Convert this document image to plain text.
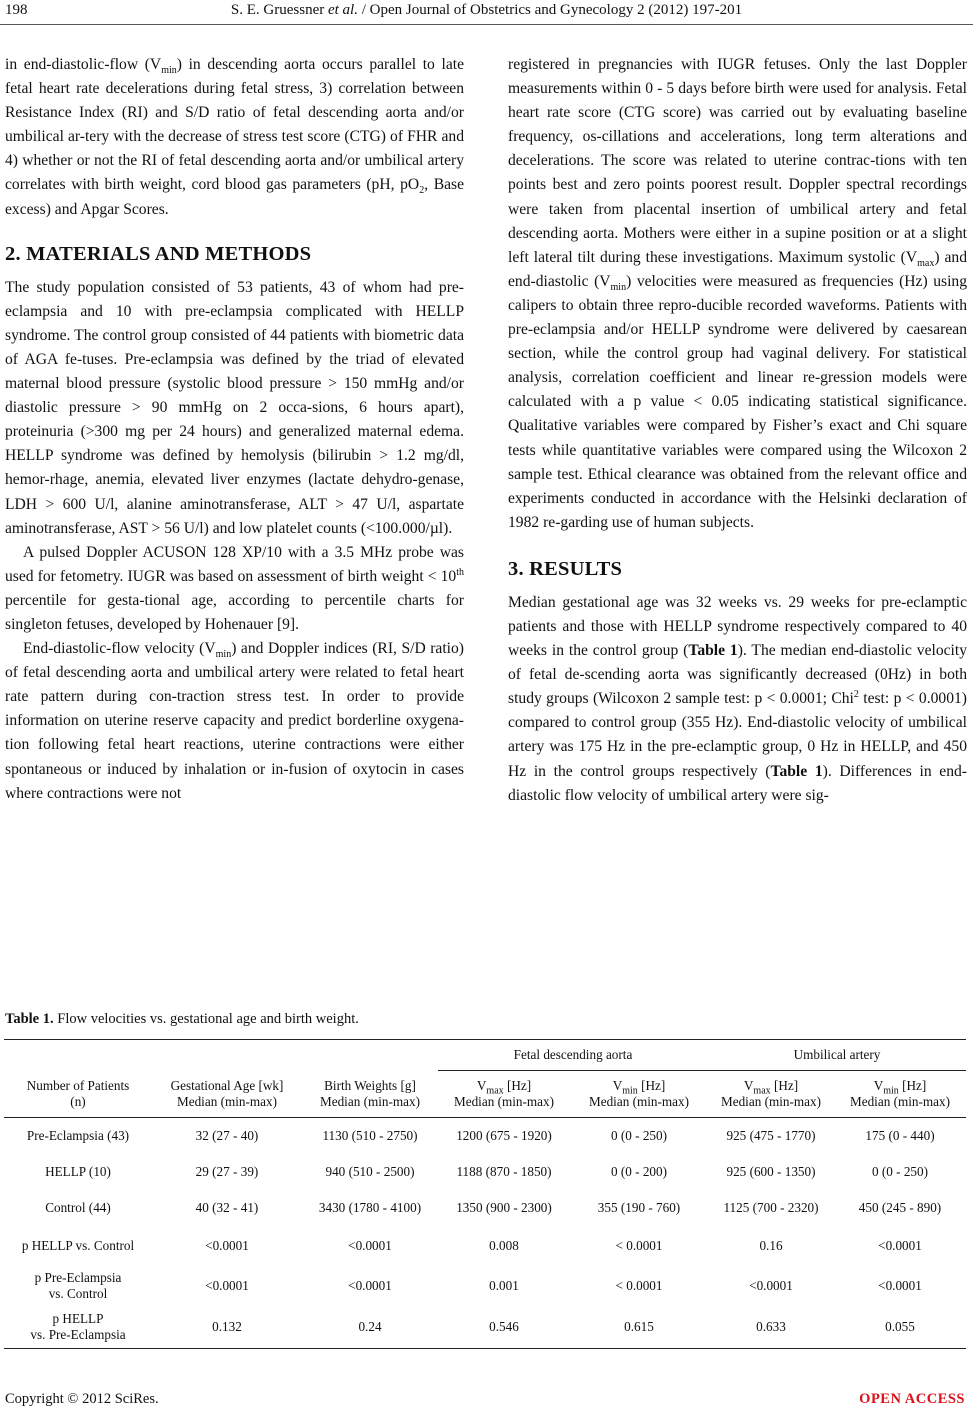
198	S. E. Gruessner et al. / Open Journal of Obstetrics and Gynecology 2 (2012) 197-201

in end-diastolic-flow $(V_{min})$ in descending aorta occurs parallel to late fetal heart rate decelerations during fetal stress, 3) correlation between Resistance Index (RI) and S/D ratio of fetal descending aorta and/or umbilical ar-tery with the decrease of stress test score (CTG) of FHR and 4) whether or not the RI of fetal descending aorta and/or umbilical artery correlates with birth weight, cord blood gas parameters (pH, $pO_2$, Base excess) and Apgar Scores.

2. MATERIALS AND METHODS

The study population consisted of 53 patients, 43 of whom had pre-eclampsia and 10 with pre-eclampsia complicated with HELLP syndrome. The control group consisted of 44 patients with biometric data of AGA fe-tuses. Pre-eclampsia was defined by the triad of elevated maternal blood pressure (systolic blood pressure > 150 mmHg and/or diastolic pressure > 90 mmHg on 2 occa-sions, 6 hours apart), proteinuria (>300 mg per 24 hours) and generalized maternal edema. HELLP syndrome was defined by hemolysis (bilirubin > 1.2 mg/dl, hemor-rhage, anemia, elevated liver enzymes (lactate dehydro-genase, LDH > 600 U/l, alanine aminotransferase, ALT > 47 U/l, aspartate aminotransferase, AST > 56 U/l) and low platelet counts (<100.000/µl).

A pulsed Doppler ACUSON 128 XP/10 with a 3.5 MHz probe was used for fetometry. IUGR was based on assessment of birth weight < 10th percentile for gesta-tional age, according to percentile charts for singleton fetuses, developed by Hohenauer [9].

End-diastolic-flow velocity $(V_{min})$ and Doppler indices (RI, S/D ratio) of fetal descending aorta and umbilical artery were related to fetal heart rate pattern during con-traction stress test. In order to provide information on uterine reserve capacity and predict borderline oxygena-tion following fetal heart reactions, uterine contractions were either spontaneous or induced by inhalation or in-fusion of oxytocin in cases where contractions were not

registered in pregnancies with IUGR fetuses. Only the last Doppler measurements within 0 - 5 days before birth were used for analysis. Fetal heart rate score (CTG score) was carried out by evaluating baseline frequency, os-cillations and accelerations, long term alterations and decelerations. The score was related to uterine contrac-tions with ten points best and zero points poorest result. Doppler spectral recordings were taken from placental insertion of umbilical artery and fetal descending aorta. Mothers were either in a supine position or at a slight left lateral tilt during these investigations. Maximum systolic $(V_{max})$ and end-diastolic $(V_{min})$ velocities were measured as frequencies (Hz) using calipers to obtain three repro-ducible recorded waveforms. Patients with pre-eclampsia and/or HELLP syndrome were delivered by caesarean section, while the control group had vaginal delivery. For statistical analysis, correlation coefficient and linear re-gression models were calculated with a p value < 0.05 indicating statistical significance. Qualitative variables were compared by Fisher’s exact and Chi square tests while quantitative variables were compared using the Wilcoxon 2 sample test. Ethical clearance was obtained from the relevant office and experiments conducted in accordance with the Helsinki declaration of 1982 re-garding use of human subjects.

3. RESULTS

Median gestational age was 32 weeks vs. 29 weeks for pre-eclamptic patients and those with HELLP syndrome respectively compared to 40 weeks in the control group (Table 1). The median end-diastolic velocity of fetal de-scending aorta was significantly decreased (0Hz) in both study groups (Wilcoxon 2 sample test: p < 0.0001; Chi$^2$ test: p < 0.0001) compared to control group (355 Hz). End-diastolic velocity of umbilical artery was 175 Hz in the pre-eclamptic group, 0 Hz in HELLP, and 450 Hz in the control groups respectively (Table 1). Differences in end-diastolic flow velocity of umbilical artery were sig-

Table 1. Flow velocities vs. gestational age and birth weight.

			Fetal descending aorta		Umbilical artery	
Number of Patients
(n)	Gestational Age [wk]
Median (min-max)	Birth Weights [g]
Median (min-max)	$V_{max}$ [Hz]
Median (min-max)	$V_{min}$ [Hz]
Median (min-max)	$V_{max}$ [Hz]
Median (min-max)	$V_{min}$ [Hz]
Median (min-max)
Pre-Eclampsia (43)	32 (27 - 40)	1130 (510 - 2750)	1200 (675 - 1920)	0 (0 - 250)	925 (475 - 1770)	175 (0 - 440)
HELLP (10)	29 (27 - 39)	940 (510 - 2500)	1188 (870 - 1850)	0 (0 - 200)	925 (600 - 1350)	0 (0 - 250)
Control (44)	40 (32 - 41)	3430 (1780 - 4100)	1350 (900 - 2300)	355 (190 - 760)	1125 (700 - 2320)	450 (245 - 890)
p HELLP vs. Control	<0.0001	<0.0001	0.008	< 0.0001	0.16	<0.0001
p Pre-Eclampsia
vs. Control	<0.0001	<0.0001	0.001	< 0.0001	<0.0001	<0.0001
p HELLP
vs. Pre-Eclampsia	0.132	0.24	0.546	0.615	0.633	0.055
Copyright © 2012 SciRes.	OPEN ACCESS
